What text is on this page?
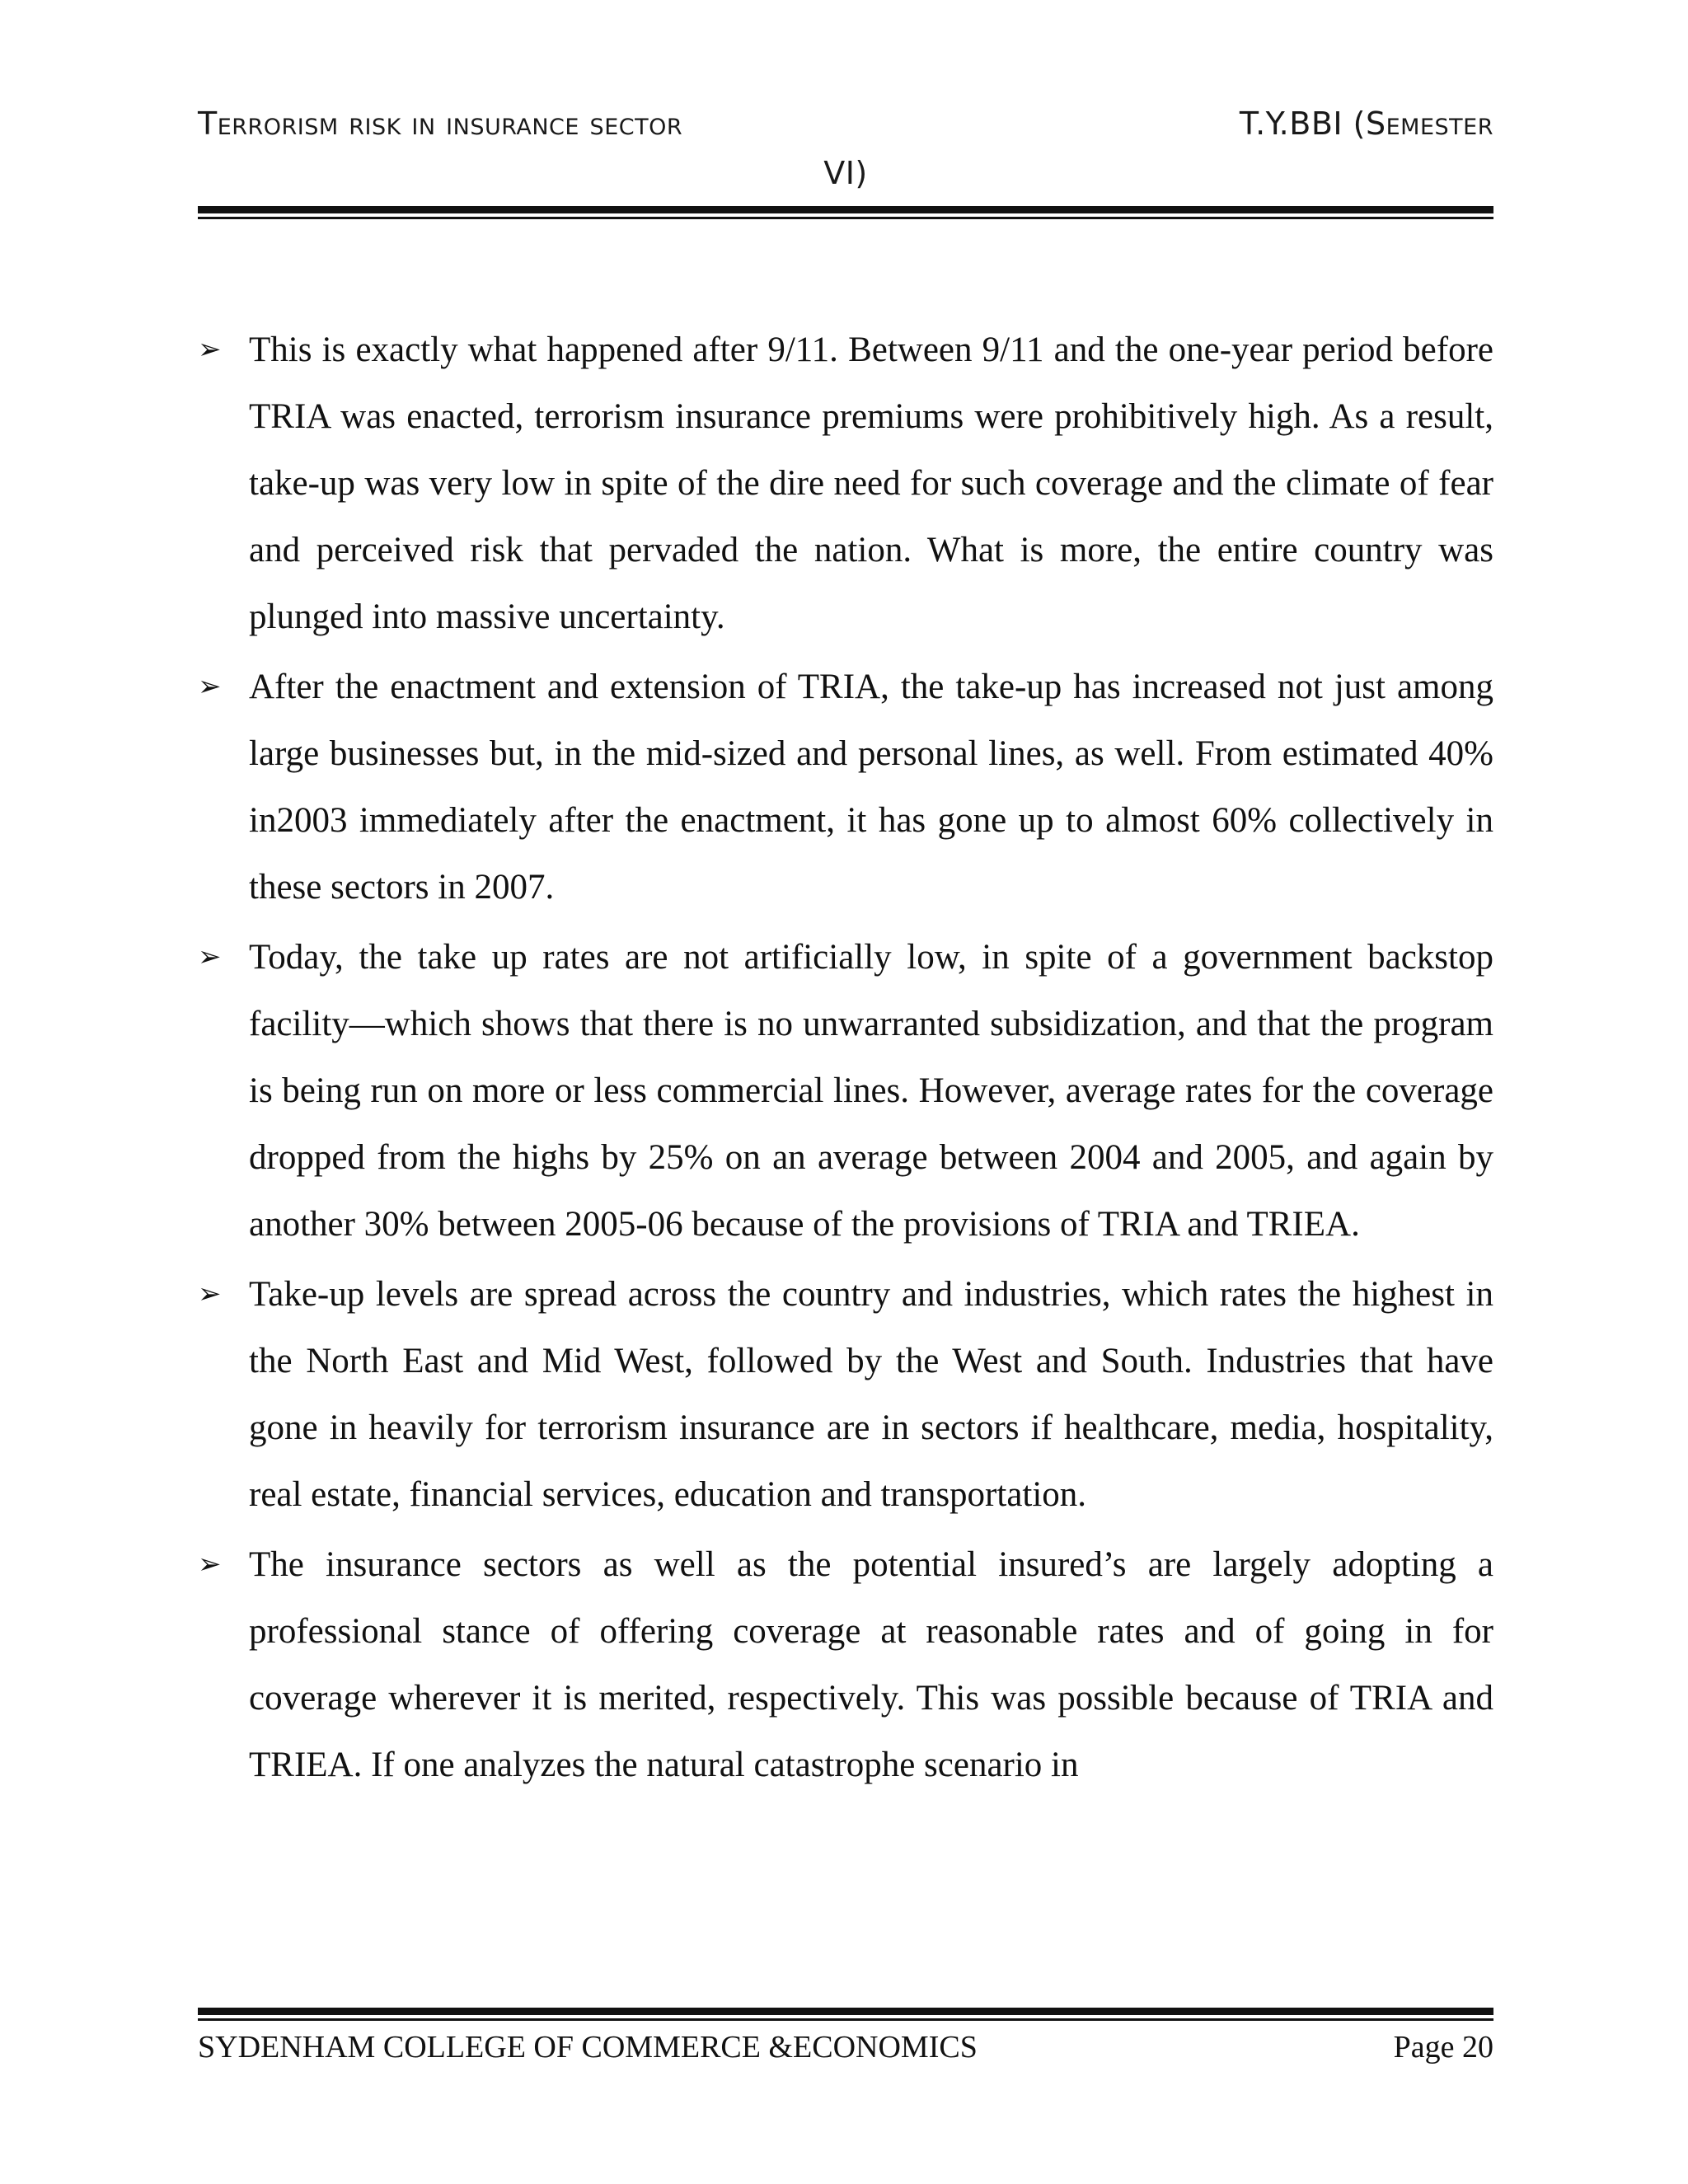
Terrorism risk in insurance sector	T.Y.BBI (Semester
VI)
➢ This is exactly what happened after 9/11. Between 9/11 and the one-year period before TRIA was enacted, terrorism insurance premiums were prohibitively high. As a result, take-up was very low in spite of the dire need for such coverage and the climate of fear and perceived risk that pervaded the nation. What is more, the entire country was plunged into massive uncertainty.
➢ After the enactment and extension of TRIA, the take-up has increased not just among large businesses but, in the mid-sized and personal lines, as well. From estimated 40% in2003 immediately after the enactment, it has gone up to almost 60% collectively in these sectors in 2007.
➢ Today, the take up rates are not artificially low, in spite of a government backstop facility—which shows that there is no unwarranted subsidization, and that the program is being run on more or less commercial lines. However, average rates for the coverage dropped from the highs by 25% on an average between 2004 and 2005, and again by another 30% between 2005-06 because of the provisions of TRIA and TRIEA.
➢ Take-up levels are spread across the country and industries, which rates the highest in the North East and Mid West, followed by the West and South. Industries that have gone in heavily for terrorism insurance are in sectors if healthcare, media, hospitality, real estate, financial services, education and transportation.
➢ The insurance sectors as well as the potential insured’s are largely adopting a professional stance of offering coverage at reasonable rates and of going in for coverage wherever it is merited, respectively. This was possible because of TRIA and TRIEA. If one analyzes the natural catastrophe scenario in
SYDENHAM COLLEGE OF COMMERCE &ECONOMICS	Page 20
